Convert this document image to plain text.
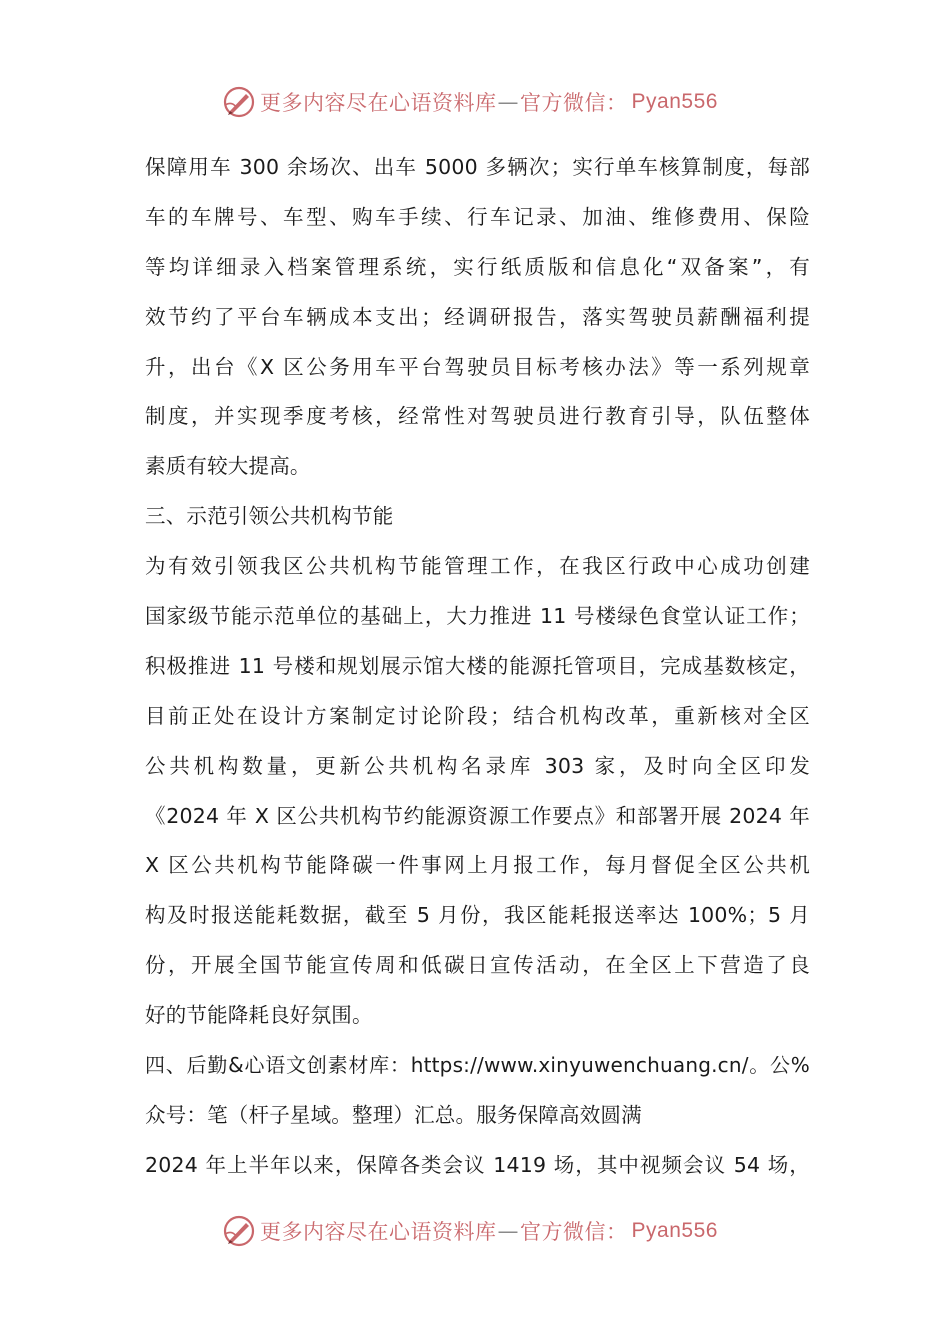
更多内容尽在心语资料库 — 官方微信： Pyan556
保障用车 300 余场次、出车 5000 多辆次；实行单车核算制度，每部
车的车牌号、车型、购车手续、行车记录、加油、维修费用、保险
等均详细录入档案管理系统，实行纸质版和信息化“双备案”，有
效节约了平台车辆成本支出；经调研报告，落实驾驶员薪酬福利提
升，出台《X 区公务用车平台驾驶员目标考核办法》等一系列规章
制度，并实现季度考核，经常性对驾驶员进行教育引导，队伍整体
素质有较大提高。
三、示范引领公共机构节能
为有效引领我区公共机构节能管理工作，在我区行政中心成功创建
国家级节能示范单位的基础上，大力推进 11 号楼绿色食堂认证工作；
积极推进 11 号楼和规划展示馆大楼的能源托管项目，完成基数核定，
目前正处在设计方案制定讨论阶段；结合机构改革，重新核对全区
公共机构数量，更新公共机构名录库 303 家，及时向全区印发
《2024 年 X 区公共机构节约能源资源工作要点》和部署开展 2024 年
X 区公共机构节能降碳一件事网上月报工作，每月督促全区公共机
构及时报送能耗数据，截至 5 月份，我区能耗报送率达 100%；5 月
份，开展全国节能宣传周和低碳日宣传活动，在全区上下营造了良
好的节能降耗良好氛围。
四、后勤&心语文创素材库：https://www.xinyuwenchuang.cn/。公%
众号：笔（杆子星域。整理）汇总。服务保障高效圆满
2024 年上半年以来，保障各类会议 1419 场，其中视频会议 54 场，
更多内容尽在心语资料库 — 官方微信： Pyan556
